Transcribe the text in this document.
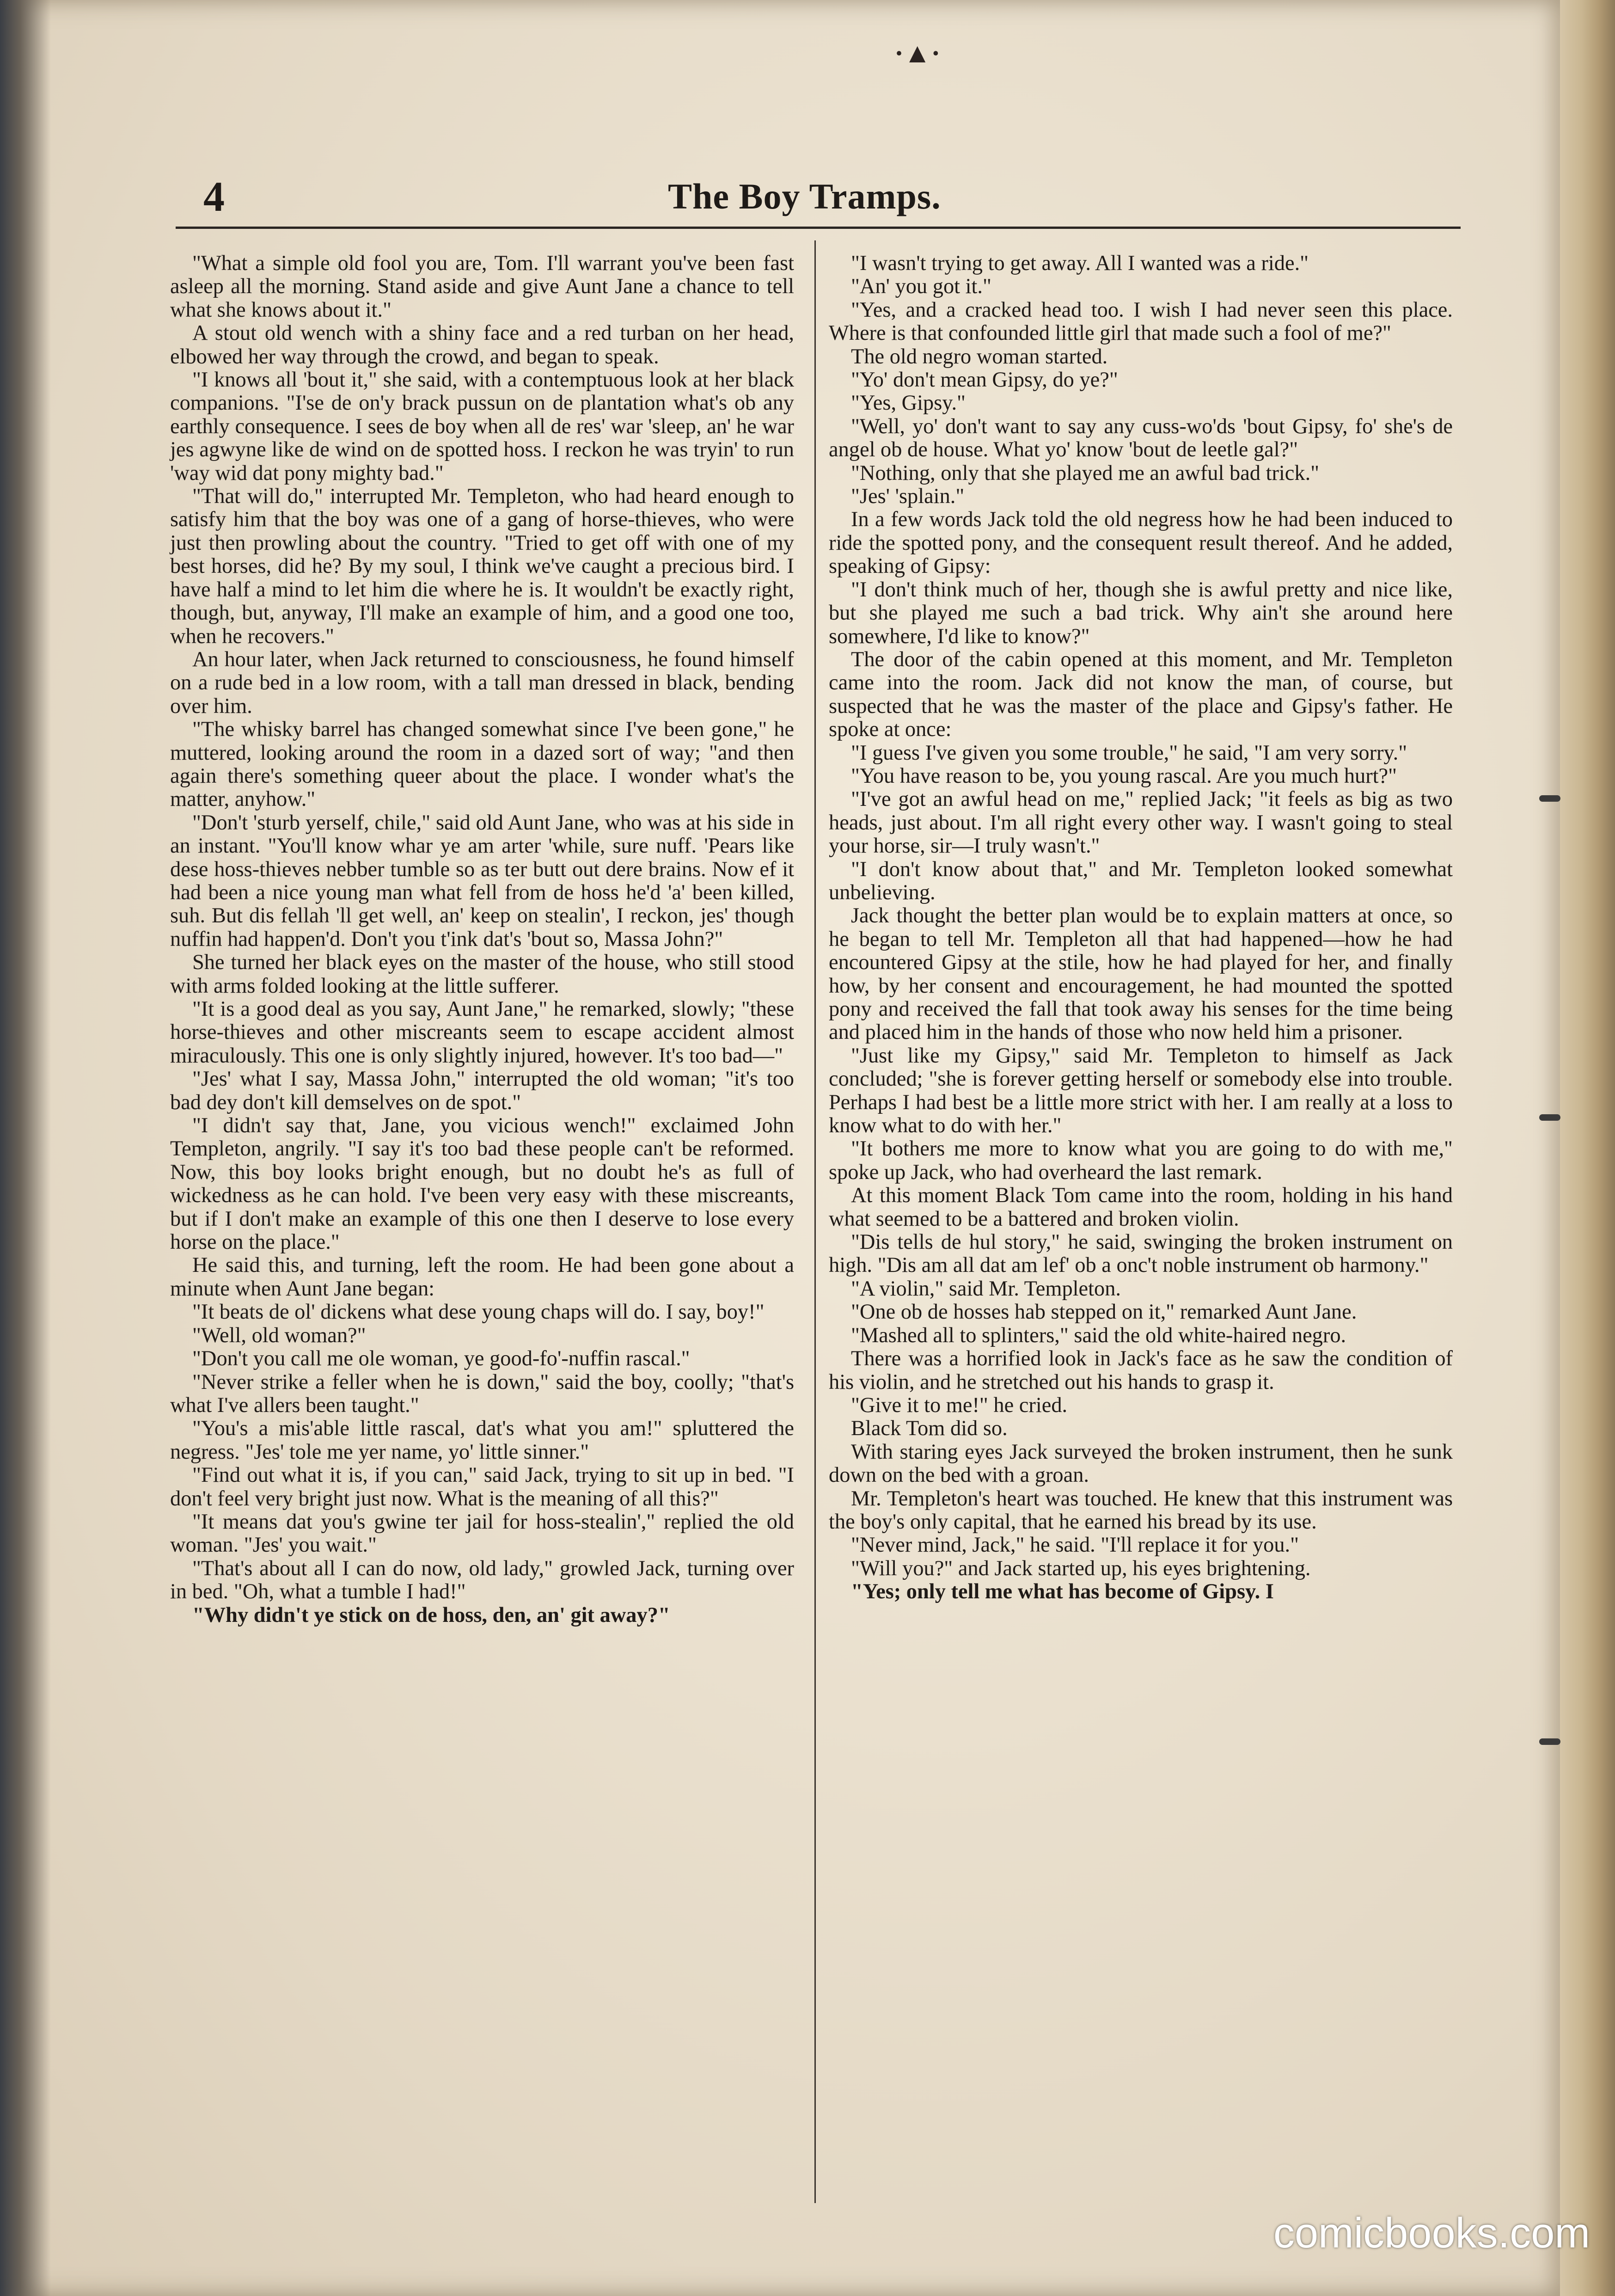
·▲·
4	The Boy Tramps.

"What a simple old fool you are, Tom. I'll warrant you've been fast asleep all the morning. Stand aside and give Aunt Jane a chance to tell what she knows about it."

A stout old wench with a shiny face and a red turban on her head, elbowed her way through the crowd, and began to speak.

"I knows all 'bout it," she said, with a contemptuous look at her black companions. "I'se de on'y brack pussun on de plantation what's ob any earthly consequence. I sees de boy when all de res' war 'sleep, an' he war jes agwyne like de wind on de spotted hoss. I reckon he was tryin' to run 'way wid dat pony mighty bad."

"That will do," interrupted Mr. Templeton, who had heard enough to satisfy him that the boy was one of a gang of horse-thieves, who were just then prowling about the country. "Tried to get off with one of my best horses, did he? By my soul, I think we've caught a precious bird. I have half a mind to let him die where he is. It wouldn't be exactly right, though, but, anyway, I'll make an example of him, and a good one too, when he recovers."

An hour later, when Jack returned to consciousness, he found himself on a rude bed in a low room, with a tall man dressed in black, bending over him.

"The whisky barrel has changed somewhat since I've been gone," he muttered, looking around the room in a dazed sort of way; "and then again there's something queer about the place. I wonder what's the matter, anyhow."

"Don't 'sturb yerself, chile," said old Aunt Jane, who was at his side in an instant. "You'll know whar ye am arter 'while, sure nuff. 'Pears like dese hoss-thieves nebber tumble so as ter butt out dere brains. Now ef it had been a nice young man what fell from de hoss he'd 'a' been killed, suh. But dis fellah 'll get well, an' keep on stealin', I reckon, jes' though nuffin had happen'd. Don't you t'ink dat's 'bout so, Massa John?"

She turned her black eyes on the master of the house, who still stood with arms folded looking at the little sufferer.

"It is a good deal as you say, Aunt Jane," he remarked, slowly; "these horse-thieves and other miscreants seem to escape accident almost miraculously. This one is only slightly injured, however. It's too bad—"

"Jes' what I say, Massa John," interrupted the old woman; "it's too bad dey don't kill demselves on de spot."

"I didn't say that, Jane, you vicious wench!" exclaimed John Templeton, angrily. "I say it's too bad these people can't be reformed. Now, this boy looks bright enough, but no doubt he's as full of wickedness as he can hold. I've been very easy with these miscreants, but if I don't make an example of this one then I deserve to lose every horse on the place."

He said this, and turning, left the room. He had been gone about a minute when Aunt Jane began:

"It beats de ol' dickens what dese young chaps will do. I say, boy!"

"Well, old woman?"

"Don't you call me ole woman, ye good-fo'-nuffin rascal."

"Never strike a feller when he is down," said the boy, coolly; "that's what I've allers been taught."

"You's a mis'able little rascal, dat's what you am!" spluttered the negress. "Jes' tole me yer name, yo' little sinner."

"Find out what it is, if you can," said Jack, trying to sit up in bed. "I don't feel very bright just now. What is the meaning of all this?"

"It means dat you's gwine ter jail for hoss-stealin'," replied the old woman. "Jes' you wait."

"That's about all I can do now, old lady," growled Jack, turning over in bed. "Oh, what a tumble I had!"

"Why didn't ye stick on de hoss, den, an' git away?"

"I wasn't trying to get away. All I wanted was a ride."

"An' you got it."

"Yes, and a cracked head too. I wish I had never seen this place. Where is that confounded little girl that made such a fool of me?"

The old negro woman started.

"Yo' don't mean Gipsy, do ye?"

"Yes, Gipsy."

"Well, yo' don't want to say any cuss-wo'ds 'bout Gipsy, fo' she's de angel ob de house. What yo' know 'bout de leetle gal?"

"Nothing, only that she played me an awful bad trick."

"Jes' 'splain."

In a few words Jack told the old negress how he had been induced to ride the spotted pony, and the consequent result thereof. And he added, speaking of Gipsy:

"I don't think much of her, though she is awful pretty and nice like, but she played me such a bad trick. Why ain't she around here somewhere, I'd like to know?"

The door of the cabin opened at this moment, and Mr. Templeton came into the room. Jack did not know the man, of course, but suspected that he was the master of the place and Gipsy's father. He spoke at once:

"I guess I've given you some trouble," he said, "I am very sorry."

"You have reason to be, you young rascal. Are you much hurt?"

"I've got an awful head on me," replied Jack; "it feels as big as two heads, just about. I'm all right every other way. I wasn't going to steal your horse, sir—I truly wasn't."

"I don't know about that," and Mr. Templeton looked somewhat unbelieving.

Jack thought the better plan would be to explain matters at once, so he began to tell Mr. Templeton all that had happened—how he had encountered Gipsy at the stile, how he had played for her, and finally how, by her consent and encouragement, he had mounted the spotted pony and received the fall that took away his senses for the time being and placed him in the hands of those who now held him a prisoner.

"Just like my Gipsy," said Mr. Templeton to himself as Jack concluded; "she is forever getting herself or somebody else into trouble. Perhaps I had best be a little more strict with her. I am really at a loss to know what to do with her."

"It bothers me more to know what you are going to do with me," spoke up Jack, who had overheard the last remark.

At this moment Black Tom came into the room, holding in his hand what seemed to be a battered and broken violin.

"Dis tells de hul story," he said, swinging the broken instrument on high. "Dis am all dat am lef' ob a onc't noble instrument ob harmony."

"A violin," said Mr. Templeton.

"One ob de hosses hab stepped on it," remarked Aunt Jane.

"Mashed all to splinters," said the old white-haired negro.

There was a horrified look in Jack's face as he saw the condition of his violin, and he stretched out his hands to grasp it.

"Give it to me!" he cried.

Black Tom did so.

With staring eyes Jack surveyed the broken instrument, then he sunk down on the bed with a groan.

Mr. Templeton's heart was touched. He knew that this instrument was the boy's only capital, that he earned his bread by its use.

"Never mind, Jack," he said. "I'll replace it for you."

"Will you?" and Jack started up, his eyes brightening.

"Yes; only tell me what has become of Gipsy. I

comicbooks.com
